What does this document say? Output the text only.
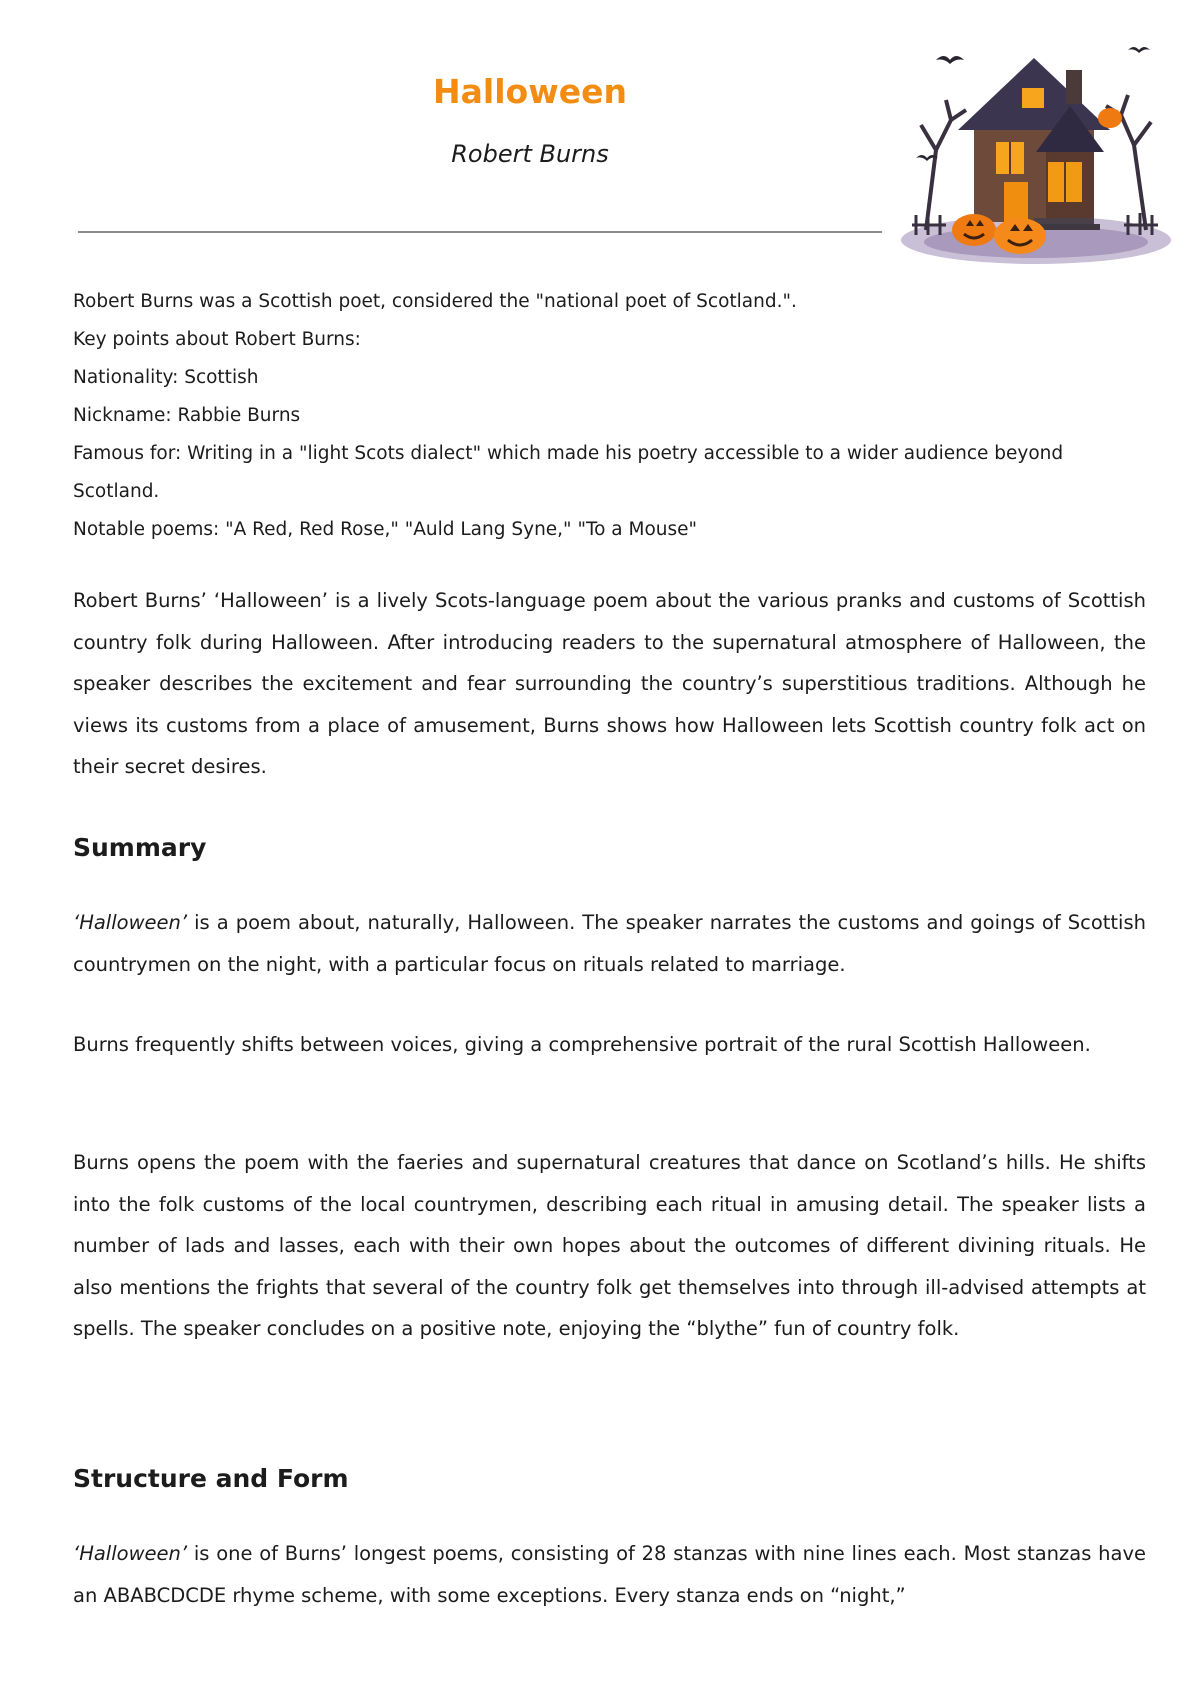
Halloween
Robert Burns

Robert Burns was a Scottish poet, considered the "national poet of Scotland.".

Key points about Robert Burns:

Nationality: Scottish

Nickname: Rabbie Burns

Famous for: Writing in a "light Scots dialect" which made his poetry accessible to a wider audience beyond Scotland.

Notable poems: "A Red, Red Rose," "Auld Lang Syne," "To a Mouse"

Robert Burns’ ‘Halloween’ is a lively Scots-language poem about the various pranks and customs of Scottish country folk during Halloween. After introducing readers to the supernatural atmosphere of Halloween, the speaker describes the excitement and fear surrounding the country’s superstitious traditions. Although he views its customs from a place of amusement, Burns shows how Halloween lets Scottish country folk act on their secret desires.

Summary

‘Halloween’ is a poem about, naturally, Halloween. The speaker narrates the customs and goings of Scottish countrymen on the night, with a particular focus on rituals related to marriage.

Burns frequently shifts between voices, giving a comprehensive portrait of the rural Scottish Halloween.

Burns opens the poem with the faeries and supernatural creatures that dance on Scotland’s hills. He shifts into the folk customs of the local countrymen, describing each ritual in amusing detail. The speaker lists a number of lads and lasses, each with their own hopes about the outcomes of different divining rituals. He also mentions the frights that several of the country folk get themselves into through ill-advised attempts at spells. The speaker concludes on a positive note, enjoying the “blythe” fun of country folk.

Structure and Form

‘Halloween’ is one of Burns’ longest poems, consisting of 28 stanzas with nine lines each. Most stanzas have an ABABCDCDE rhyme scheme, with some exceptions. Every stanza ends on “night,”
